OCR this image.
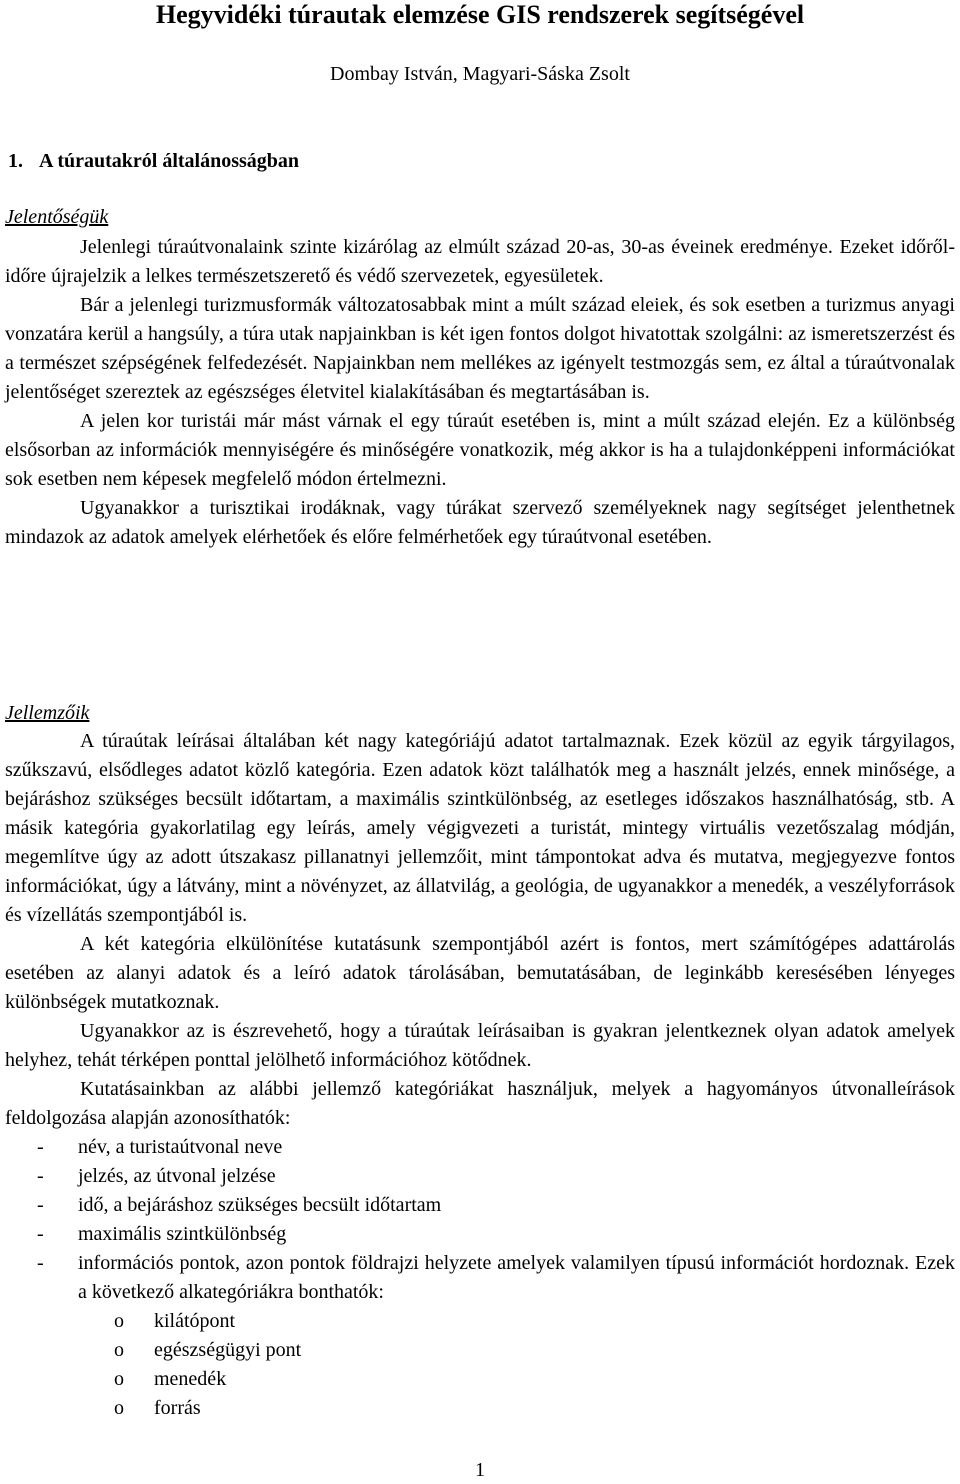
Hegyvidéki túrautak elemzése GIS rendszerek segítségével
Dombay István, Magyari-Sáska Zsolt
1. A túrautakról általánosságban
Jelentőségük

Jelenlegi túraútvonalaink szinte kizárólag az elmúlt század 20-as, 30-as éveinek eredménye. Ezeket időről-időre újrajelzik a lelkes természetszerető és védő szervezetek, egyesületek.

Bár a jelenlegi turizmusformák változatosabbak mint a múlt század eleiek, és sok esetben a turizmus anyagi vonzatára kerül a hangsúly, a túra utak napjainkban is két igen fontos dolgot hivatottak szolgálni: az ismeretszerzést és a természet szépségének felfedezését. Napjainkban nem mellékes az igényelt testmozgás sem, ez által a túraútvonalak jelentőséget szereztek az egészséges életvitel kialakításában és megtartásában is.

A jelen kor turistái már mást várnak el egy túraút esetében is, mint a múlt század elején. Ez a különbség elsősorban az információk mennyiségére és minőségére vonatkozik, még akkor is ha a tulajdonképpeni információkat sok esetben nem képesek megfelelő módon értelmezni.

Ugyanakkor a turisztikai irodáknak, vagy túrákat szervező személyeknek nagy segítséget jelenthetnek mindazok az adatok amelyek elérhetőek és előre felmérhetőek egy túraútvonal esetében.

Jellemzőik

A túraútak leírásai általában két nagy kategóriájú adatot tartalmaznak. Ezek közül az egyik tárgyilagos, szűkszavú, elsődleges adatot közlő kategória. Ezen adatok közt találhatók meg a használt jelzés, ennek minősége, a bejáráshoz szükséges becsült időtartam, a maximális szintkülönbség, az esetleges időszakos használhatóság, stb. A másik kategória gyakorlatilag egy leírás, amely végigvezeti a turistát, mintegy virtuális vezetőszalag módján, megemlítve úgy az adott útszakasz pillanatnyi jellemzőit, mint támpontokat adva és mutatva, megjegyezve fontos információkat, úgy a látvány, mint a növényzet, az állatvilág, a geológia, de ugyanakkor a menedék, a veszélyforrások és vízellátás szempontjából is.

A két kategória elkülönítése kutatásunk szempontjából azért is fontos, mert számítógépes adattárolás esetében az alanyi adatok és a leíró adatok tárolásában, bemutatásában, de leginkább keresésében lényeges különbségek mutatkoznak.

Ugyanakkor az is észrevehető, hogy a túraútak leírásaiban is gyakran jelentkeznek olyan adatok amelyek helyhez, tehát térképen ponttal jelölhető információhoz kötődnek.

Kutatásainkban az alábbi jellemző kategóriákat használjuk, melyek a hagyományos útvonalleírások feldolgozása alapján azonosíthatók:

- név, a turistaútvonal neve
- jelzés, az útvonal jelzése
- idő, a bejáráshoz szükséges becsült időtartam
- maximális szintkülönbség
- információs pontok, azon pontok földrajzi helyzete amelyek valamilyen típusú információt hordoznak. Ezek a következő alkategóriákra bonthatók:
o kilátópont
o egészségügyi pont
o menedék
o forrás
1
